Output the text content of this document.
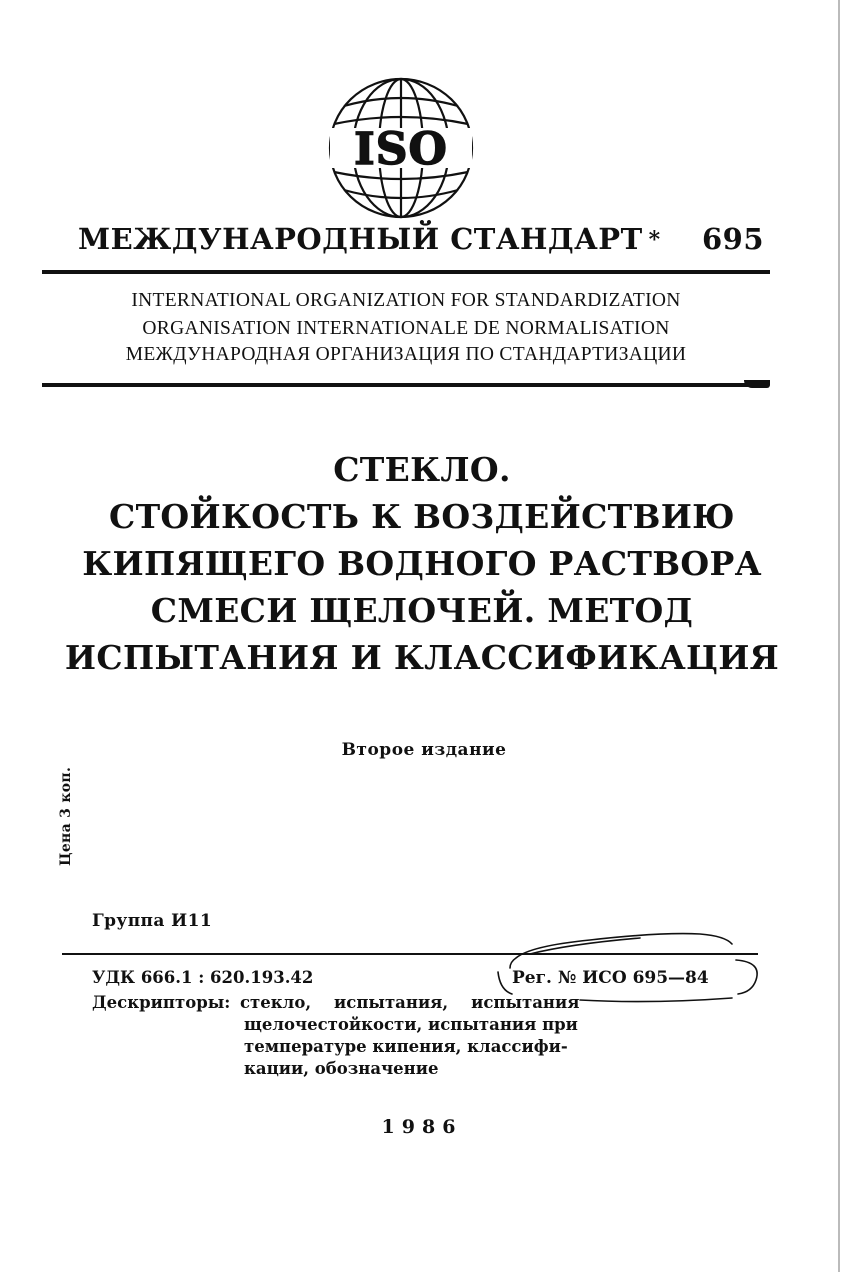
ISO
МЕЖДУНАРОДНЫЙ СТАНДАРТ * 695
INTERNATIONAL ORGANIZATION FOR STANDARDIZATION
ORGANISATION INTERNATIONALE DE NORMALISATION
МЕЖДУНАРОДНАЯ ОРГАНИЗАЦИЯ ПО СТАНДАРТИЗАЦИИ
СТЕКЛО.
СТОЙКОСТЬ К ВОЗДЕЙСТВИЮ
КИПЯЩЕГО ВОДНОГО РАСТВОРА
СМЕСИ ЩЕЛОЧЕЙ. МЕТОД
ИСПЫТАНИЯ И КЛАССИФИКАЦИЯ
Второе издание
Цена 3 коп.
Группа И11
УДК 666.1 : 620.193.42	Рег. № ИСО 695—84
Дескрипторы: стекло,    испытания,    испытания
щелочестойкости, испытания при
температуре кипения, классифи-
кации, обозначение
1986
